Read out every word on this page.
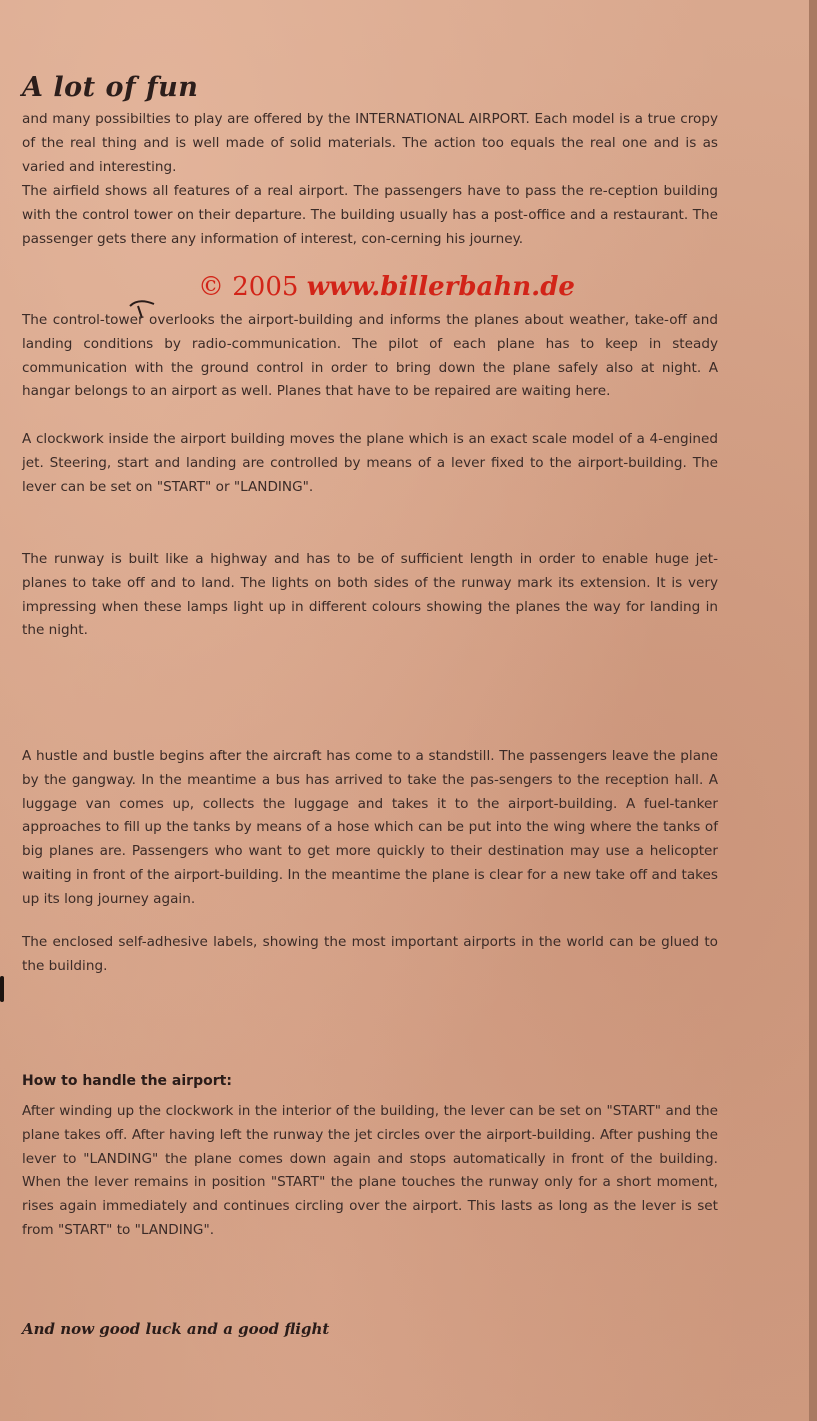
A lot of fun

and many possibilties to play are offered by the INTERNATIONAL AIRPORT. Each model is a true cropy of the real thing and is well made of solid materials. The action too equals the real one and is as varied and interesting.

The airfield shows all features of a real airport. The passengers have to pass the re-ception building with the control tower on their departure. The building usually has a post-office and a restaurant. The passenger gets there any information of interest, con-cerning his journey.

© 2005 www.billerbahn.de

The control-tower overlooks the airport-building and informs the planes about weather, take-off and landing conditions by radio-communication. The pilot of each plane has to keep in steady communication with the ground control in order to bring down the plane safely also at night. A hangar belongs to an airport as well. Planes that have to be repaired are waiting here.

A clockwork inside the airport building moves the plane which is an exact scale model of a 4-engined jet. Steering, start and landing are controlled by means of a lever fixed to the airport-building. The lever can be set on "START" or "LANDING".

The runway is built like a highway and has to be of sufficient length in order to enable huge jet-planes to take off and to land. The lights on both sides of the runway mark its extension. It is very impressing when these lamps light up in different colours showing the planes the way for landing in the night.

A hustle and bustle begins after the aircraft has come to a standstill. The passengers leave the plane by the gangway. In the meantime a bus has arrived to take the pas-sengers to the reception hall. A luggage van comes up, collects the luggage and takes it to the airport-building. A fuel-tanker approaches to fill up the tanks by means of a hose which can be put into the wing where the tanks of big planes are. Passengers who want to get more quickly to their destination may use a helicopter waiting in front of the airport-building. In the meantime the plane is clear for a new take off and takes up its long journey again.

The enclosed self-adhesive labels, showing the most important airports in the world can be glued to the building.

How to handle the airport:

After winding up the clockwork in the interior of the building, the lever can be set on "START" and the plane takes off. After having left the runway the jet circles over the airport-building. After pushing the lever to "LANDING" the plane comes down again and stops automatically in front of the building. When the lever remains in position "START" the plane touches the runway only for a short moment, rises again immediately and continues circling over the airport. This lasts as long as the lever is set from "START" to "LANDING".

And now good luck and a good flight
